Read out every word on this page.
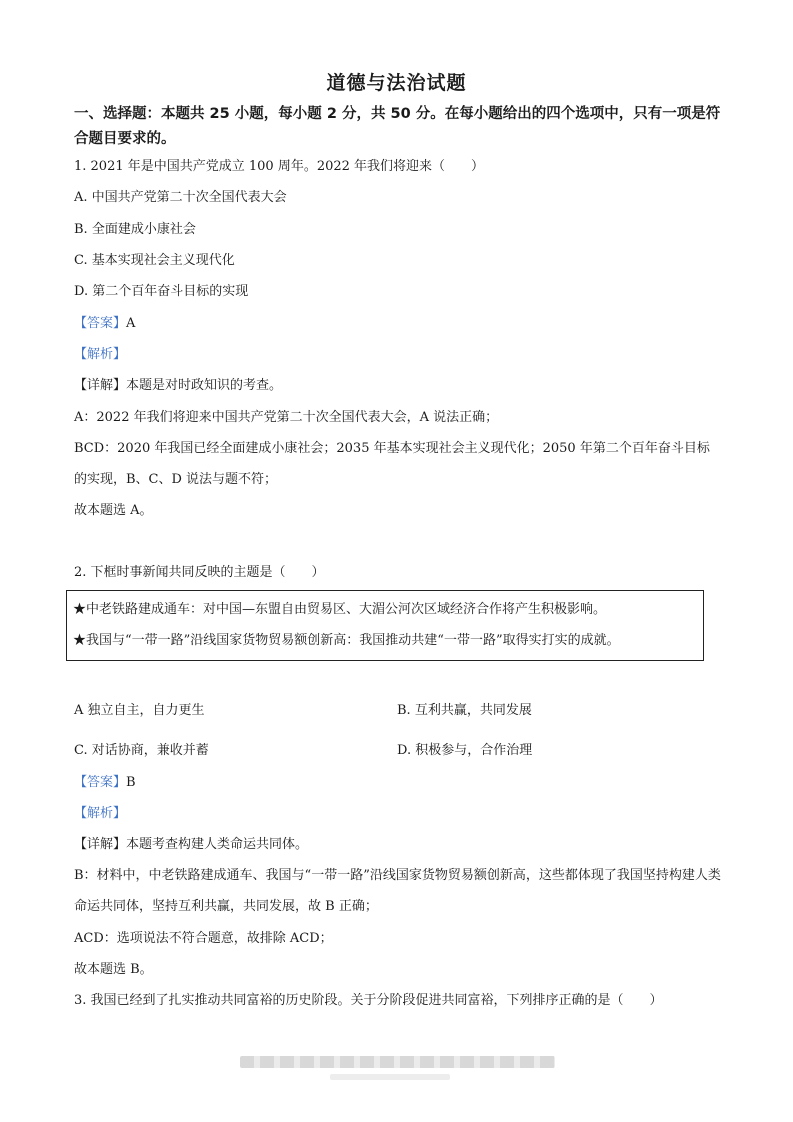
道德与法治试题
一、选择题：本题共 25 小题，每小题 2 分，共 50 分。在每小题给出的四个选项中，只有一项是符合题目要求的。
1. 2021 年是中国共产党成立 100 周年。2022 年我们将迎来（　　）
A. 中国共产党第二十次全国代表大会
B. 全面建成小康社会
C. 基本实现社会主义现代化
D. 第二个百年奋斗目标的实现
【答案】A
【解析】
【详解】本题是对时政知识的考查。
A：2022 年我们将迎来中国共产党第二十次全国代表大会，A 说法正确；
BCD：2020 年我国已经全面建成小康社会；2035 年基本实现社会主义现代化；2050 年第二个百年奋斗目标
的实现，B、C、D 说法与题不符；
故本题选 A。
2. 下框时事新闻共同反映的主题是（　　）
★中老铁路建成通车：对中国—东盟自由贸易区、大湄公河次区域经济合作将产生积极影响。
★我国与“一带一路”沿线国家货物贸易额创新高：我国推动共建“一带一路”取得实打实的成就。
A 独立自主，自力更生	B. 互利共赢，共同发展
C. 对话协商，兼收并蓄	D. 积极参与，合作治理
【答案】B
【解析】
【详解】本题考查构建人类命运共同体。
B：材料中，中老铁路建成通车、我国与“一带一路”沿线国家货物贸易额创新高，这些都体现了我国坚持构建人类命运共同体，坚持互利共赢，共同发展，故 B 正确；
ACD：选项说法不符合题意，故排除 ACD；
故本题选 B。
3. 我国已经到了扎实推动共同富裕的历史阶段。关于分阶段促进共同富裕，下列排序正确的是（　　）
